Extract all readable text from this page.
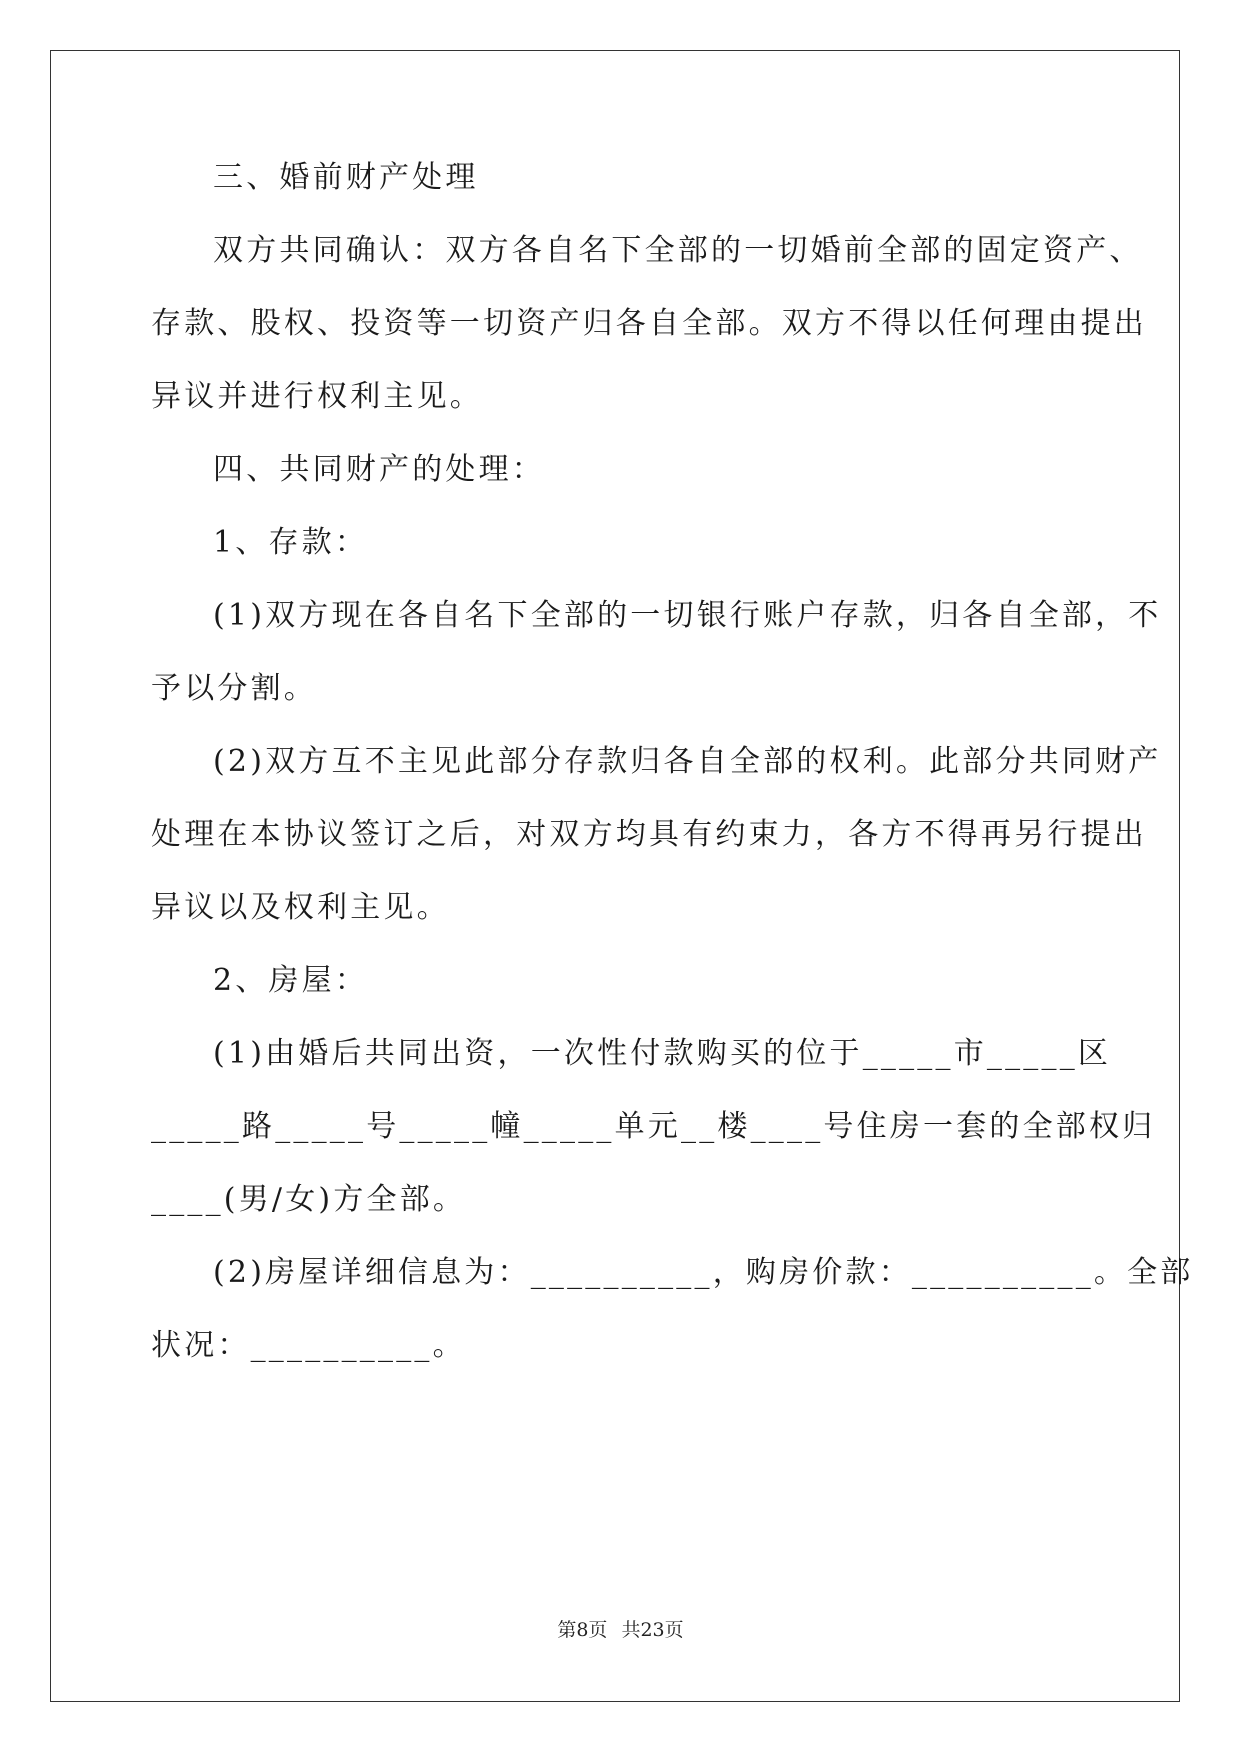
三、婚前财产处理
双方共同确认：双方各自名下全部的一切婚前全部的固定资产、
存款、股权、投资等一切资产归各自全部。双方不得以任何理由提出
异议并进行权利主见。
四、共同财产的处理：
1、存款：
(1)双方现在各自名下全部的一切银行账户存款，归各自全部，不
予以分割。
(2)双方互不主见此部分存款归各自全部的权利。此部分共同财产
处理在本协议签订之后，对双方均具有约束力，各方不得再另行提出
异议以及权利主见。
2、房屋：
(1)由婚后共同出资，一次性付款购买的位于_____市_____区
_____路_____号_____幢_____单元__楼____号住房一套的全部权归
____(男/女)方全部。
(2)房屋详细信息为：__________，购房价款：__________。全部
状况：__________。
第8页 共23页
